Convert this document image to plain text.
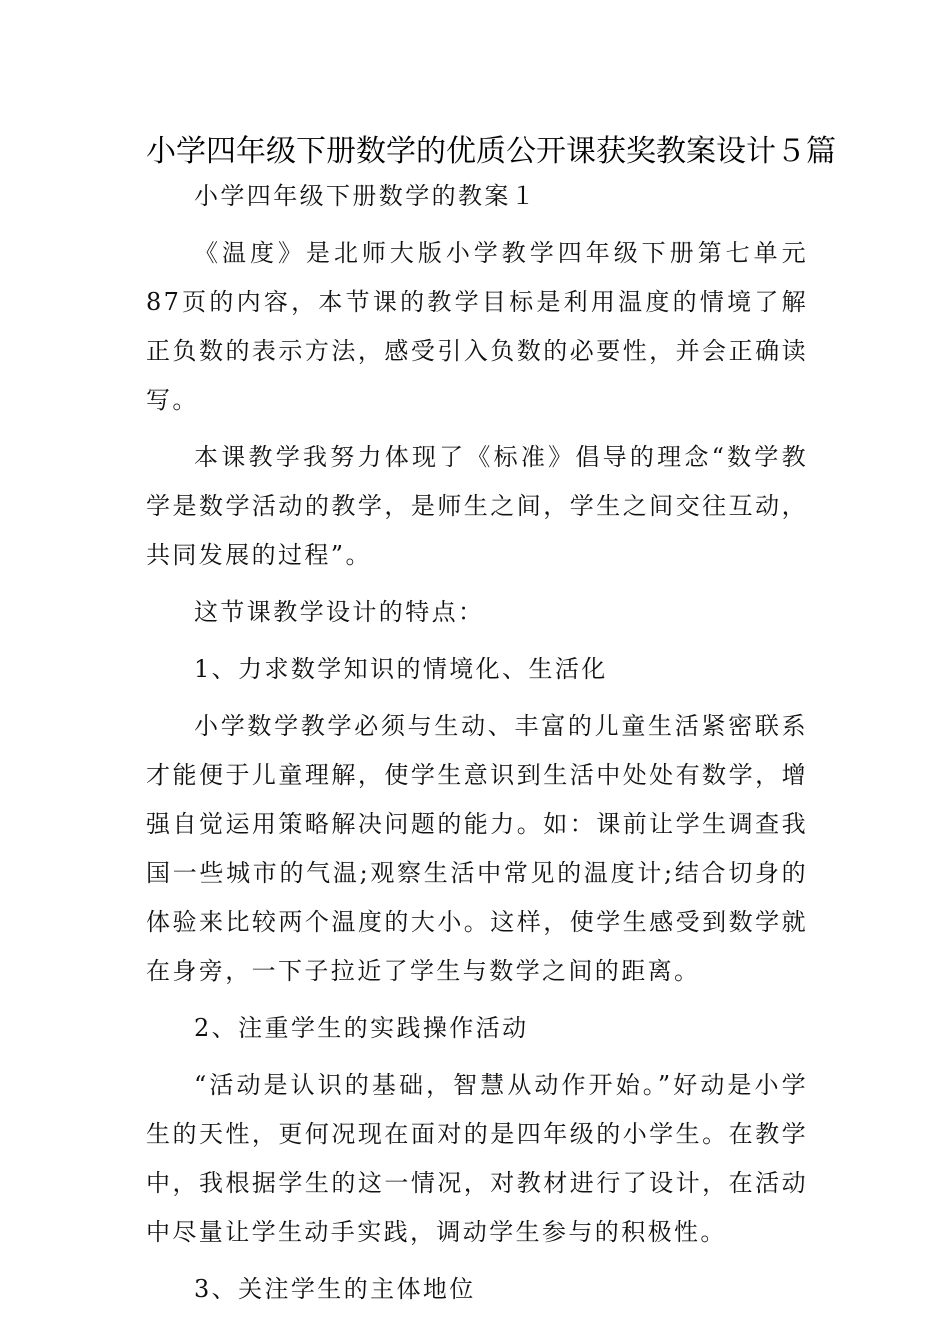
小学四年级下册数学的优质公开课获奖教案设计５篇

小学四年级下册数学的教案１

《温度》是北师大版小学教学四年级下册第七单元87页的内容，本节课的教学目标是利用温度的情境了解正负数的表示方法，感受引入负数的必要性，并会正确读写。

本课教学我努力体现了《标准》倡导的理念“数学教学是数学活动的教学，是师生之间，学生之间交往互动，共同发展的过程”。

这节课教学设计的特点：

1、力求数学知识的情境化、生活化

小学数学教学必须与生动、丰富的儿童生活紧密联系才能便于儿童理解，使学生意识到生活中处处有数学，增强自觉运用策略解决问题的能力。如：课前让学生调查我国一些城市的气温;观察生活中常见的温度计;结合切身的体验来比较两个温度的大小。这样，使学生感受到数学就在身旁，一下子拉近了学生与数学之间的距离。

2、注重学生的实践操作活动

“活动是认识的基础，智慧从动作开始。”好动是小学生的天性，更何况现在面对的是四年级的小学生。在教学中，我根据学生的这一情况，对教材进行了设计，在活动中尽量让学生动手实践，调动学生参与的积极性。

3、关注学生的主体地位
